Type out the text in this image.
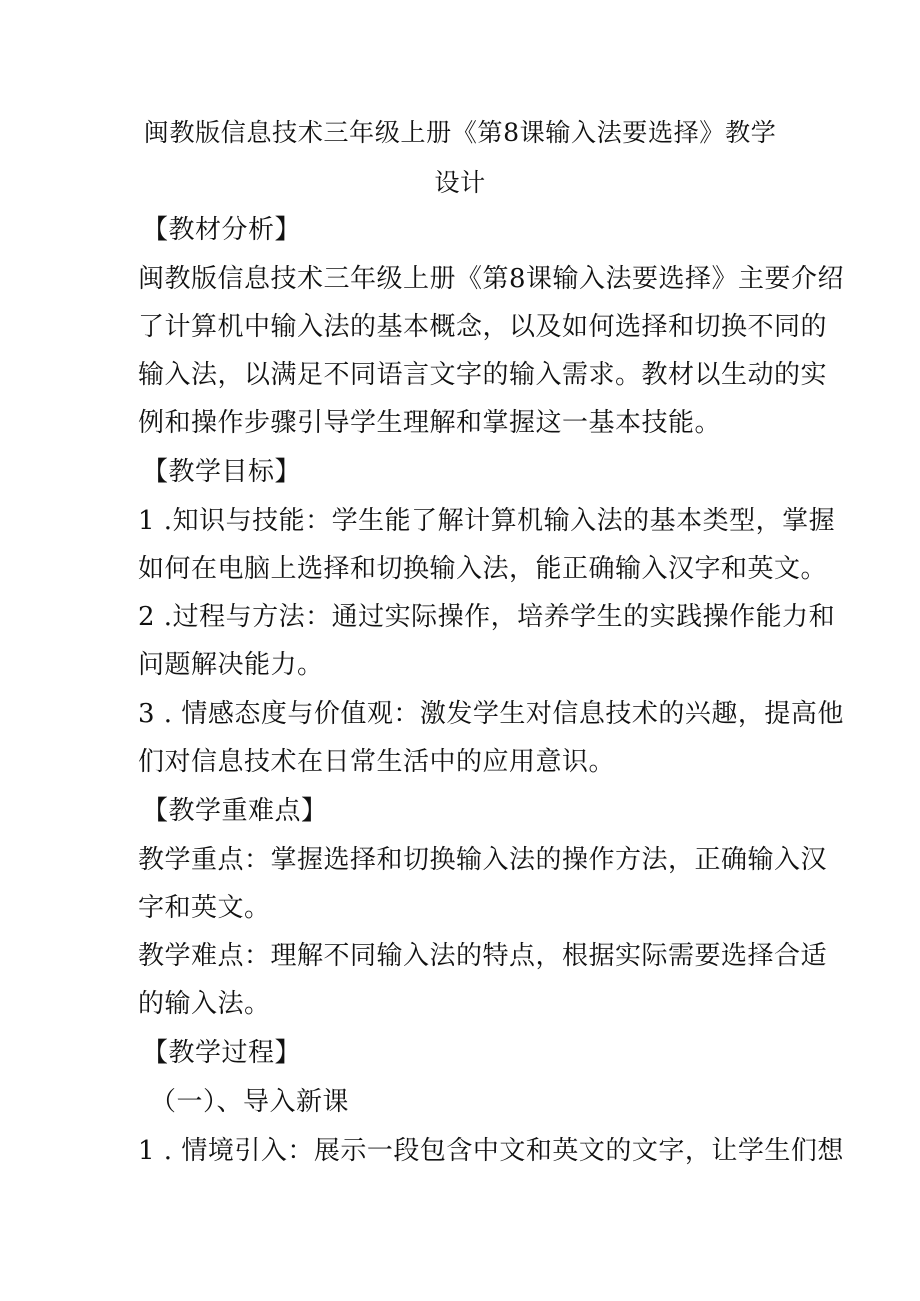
闽教版信息技术三年级上册《第8课输入法要选择》教学
设计
【教材分析】
闽教版信息技术三年级上册《第8课输入法要选择》主要介绍
了计算机中输入法的基本概念，以及如何选择和切换不同的
输入法，以满足不同语言文字的输入需求。教材以生动的实
例和操作步骤引导学生理解和掌握这一基本技能。
【教学目标】
1 .知识与技能：学生能了解计算机输入法的基本类型，掌握
如何在电脑上选择和切换输入法，能正确输入汉字和英文。
2 .过程与方法：通过实际操作，培养学生的实践操作能力和
问题解决能力。
3 . 情感态度与价值观：激发学生对信息技术的兴趣，提高他
们对信息技术在日常生活中的应用意识。
【教学重难点】
教学重点：掌握选择和切换输入法的操作方法，正确输入汉
字和英文。
教学难点：理解不同输入法的特点，根据实际需要选择合适
的输入法。
【教学过程】
（一）、导入新课
1 . 情境引入：展示一段包含中文和英文的文字，让学生们想
